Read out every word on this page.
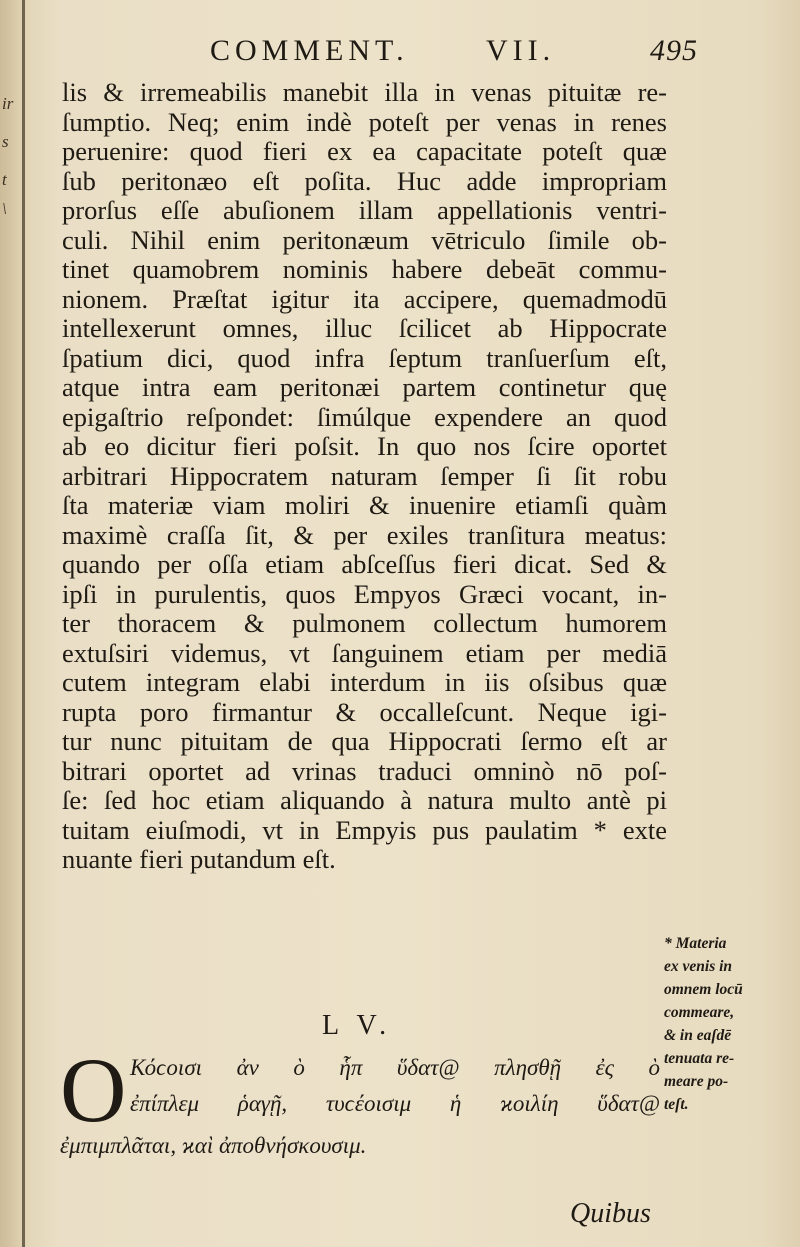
ir
s
t
\
COMMENT.	VII.	495
lis & irremeabilis manebit illa in venas pituitæ re-
ſumptio. Neq; enim indè poteſt per venas in renes
peruenire: quod fieri ex ea capacitate poteſt quæ
ſub peritonæo eſt poſita. Huc adde impropriam
prorſus eſſe abuſionem illam appellationis ventri-
culi. Nihil enim peritonæum vētriculo ſimile ob-
tinet quamobrem nominis habere debeāt commu-
nionem. Præſtat igitur ita accipere, quemadmodū
intellexerunt omnes, illuc ſcilicet ab Hippocrate
ſpatium dici, quod infra ſeptum tranſuerſum eſt,
atque intra eam peritonæi partem continetur quę
epigaſtrio reſpondet: ſimúlque expendere an quod
ab eo dicitur fieri poſsit. In quo nos ſcire oportet
arbitrari Hippocratem naturam ſemper ſi ſit robu
ſta materiæ viam moliri & inuenire etiamſi quàm
maximè craſſa ſit, & per exiles tranſitura meatus:
quando per oſſa etiam abſceſſus fieri dicat. Sed &
ipſi in purulentis, quos Empyos Græci vocant, in-
ter thoracem & pulmonem collectum humorem
extuſsiri videmus, vt ſanguinem etiam per mediā
cutem integram elabi interdum in iis oſsibus quæ
rupta poro firmantur & occalleſcunt. Neque igi-
tur nunc pituitam de qua Hippocrati ſermo eſt ar
bitrari oportet ad vrinas traduci omninò nō poſ-
ſe: ſed hoc etiam aliquando à natura multo antè pi
tuitam eiuſmodi, vt in Empyis pus paulatim * exte
nuante fieri putandum eſt.
L V.
O Κόϲοισι ἀν ὸ ἧπ ὕδατ@ πλησθῇ ἐς ὸ
ἐπίπλεμ ῥαγῇ, τυϲέοισιμ ἡ ϰοιλίη ὕδατ@
ἐμπιμπλᾶται, ϰαὶ ἀποθνήσκουσιμ.
Quibus
* Materia
ex venis in
omnem locū
commeare,
& in eaſdē
tenuata re-
meare po-
teſt.
